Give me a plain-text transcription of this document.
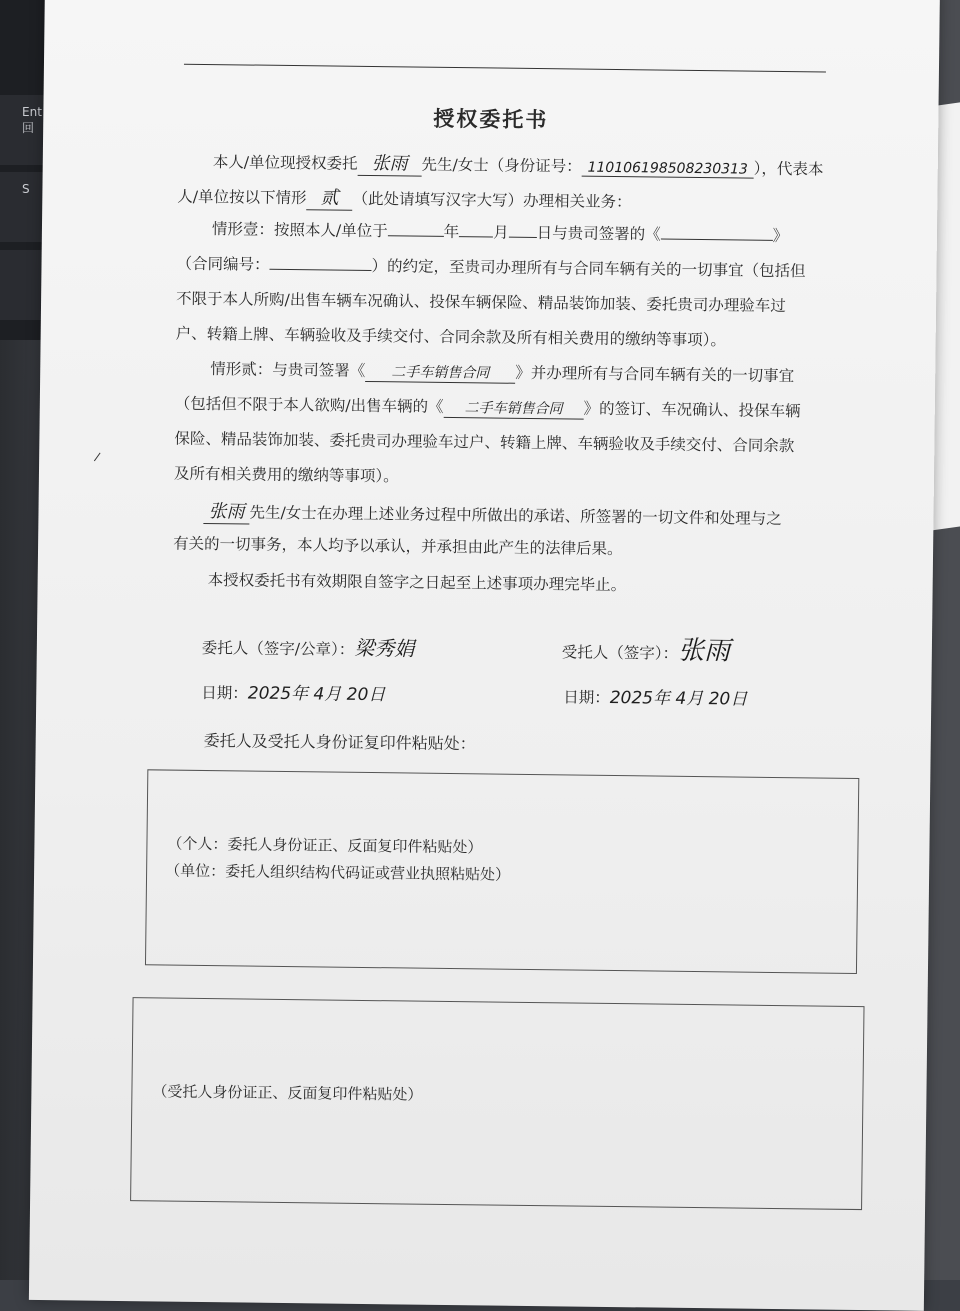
Ent
回
S
授权委托书
本人/单位现授权委托 张雨 先生/女士（身份证号： 110106198508230313 ），代表本
人/单位按以下情形 贰 （此处请填写汉字大写）办理相关业务：
情形壹：按照本人/单位于	年 月 日与贵司签署的《	》
（合同编号：	）的约定，至贵司办理所有与合同车辆有关的一切事宜（包括但
不限于本人所购/出售车辆车况确认、投保车辆保险、精品装饰加装、委托贵司办理验车过
户、转籍上牌、车辆验收及手续交付、合同余款及所有相关费用的缴纳等事项）。
情形贰：与贵司签署《 二手车销售合同 》并办理所有与合同车辆有关的一切事宜
（包括但不限于本人欲购/出售车辆的《 二手车销售合同 》的签订、车况确认、投保车辆
保险、精品装饰加装、委托贵司办理验车过户、转籍上牌、车辆验收及手续交付、合同余款
及所有相关费用的缴纳等事项）。
张雨 先生/女士在办理上述业务过程中所做出的承诺、所签署的一切文件和处理与之
有关的一切事务，本人均予以承认，并承担由此产生的法律后果。
本授权委托书有效期限自签字之日起至上述事项办理完毕止。
委托人（签字/公章）：梁秀娟	受托人（签字）：张雨
日期：2025年 4月 20日	日期：2025年 4月 20日
委托人及受托人身份证复印件粘贴处：
（个人：委托人身份证正、反面复印件粘贴处）
（单位：委托人组织结构代码证或营业执照粘贴处）
（受托人身份证正、反面复印件粘贴处）
